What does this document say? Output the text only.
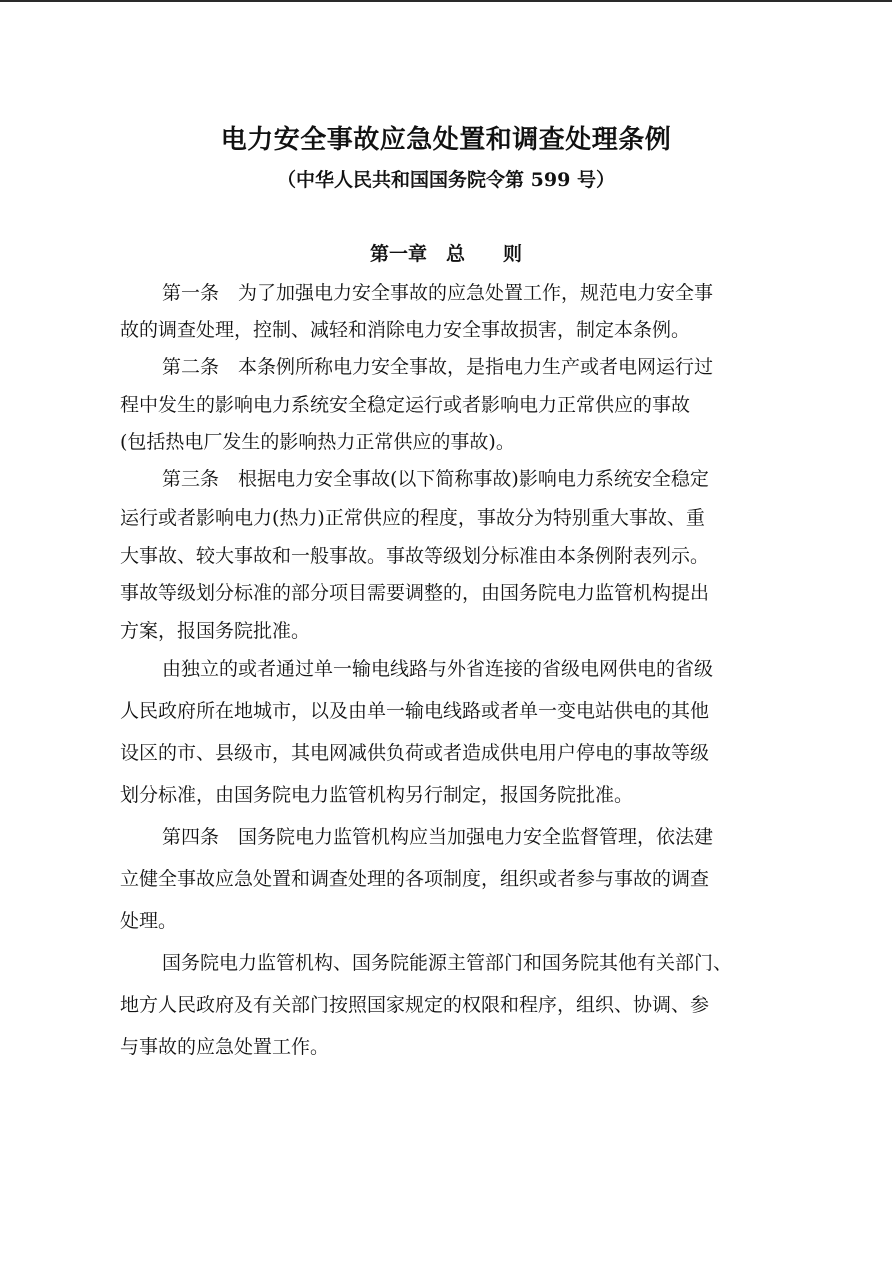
电力安全事故应急处置和调查处理条例
（中华人民共和国国务院令第 599 号）
第一章　总　　则
第一条　为了加强电力安全事故的应急处置工作，规范电力安全事
故的调查处理，控制、减轻和消除电力安全事故损害，制定本条例。
第二条　本条例所称电力安全事故，是指电力生产或者电网运行过
程中发生的影响电力系统安全稳定运行或者影响电力正常供应的事故
(包括热电厂发生的影响热力正常供应的事故)。
第三条　根据电力安全事故(以下简称事故)影响电力系统安全稳定
运行或者影响电力(热力)正常供应的程度，事故分为特别重大事故、重
大事故、较大事故和一般事故。事故等级划分标准由本条例附表列示。
事故等级划分标准的部分项目需要调整的，由国务院电力监管机构提出
方案，报国务院批准。
由独立的或者通过单一输电线路与外省连接的省级电网供电的省级
人民政府所在地城市，以及由单一输电线路或者单一变电站供电的其他
设区的市、县级市，其电网减供负荷或者造成供电用户停电的事故等级
划分标准，由国务院电力监管机构另行制定，报国务院批准。
第四条　国务院电力监管机构应当加强电力安全监督管理，依法建
立健全事故应急处置和调查处理的各项制度，组织或者参与事故的调查
处理。
国务院电力监管机构、国务院能源主管部门和国务院其他有关部门、
地方人民政府及有关部门按照国家规定的权限和程序，组织、协调、参
与事故的应急处置工作。
